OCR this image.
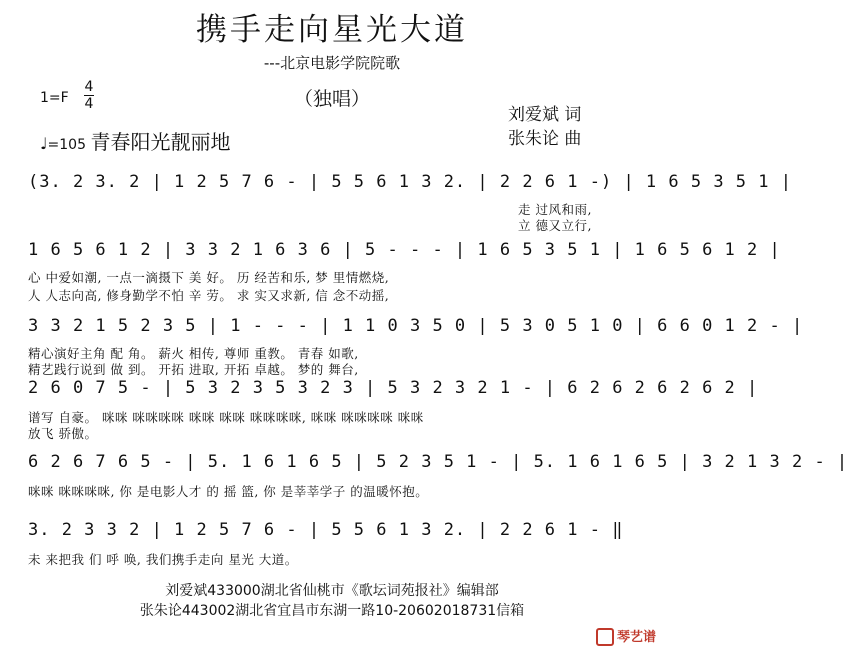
携手走向星光大道
---北京电影学院院歌
（独唱）
1=F
4
4
刘爱斌 词
张朱论 曲
♩=105 青春阳光靓丽地
(3. 2 3. 2 | 1 2 5 7 6 - | 5 5 6 1 3 2. | 2 2 6 1 -) | 1 6 5 3 5 1 |
走 过风和雨,
立 德又立行,
1 6 5 6 1 2 | 3 3 2 1 6 3 6 | 5 - - - | 1 6 5 3 5 1 | 1 6 5 6 1 2 |
心 中爱如潮, 一点一滴摄下 美 好。 历 经苦和乐, 梦 里情燃烧,
人 人志向高, 修身勤学不怕 辛 劳。 求 实又求新, 信 念不动摇,
3 3 2 1 5 2 3 5 | 1 - - - | 1 1 0 3 5 0 | 5 3 0 5 1 0 | 6 6 0 1 2 - |
精心演好主角 配 角。 薪火 相传, 尊师 重教。 青春 如歌,
精艺践行说到 做 到。 开拓 进取, 开拓 卓越。 梦的 舞台,
2 6 0 7 5 - | 5 3 2 3 5 3 2 3 | 5 3 2 3 2 1 - | 6 2 6 2 6 2 6 2 |
谱写 自豪。 咪咪 咪咪咪咪 咪咪 咪咪 咪咪咪咪, 咪咪 咪咪咪咪 咪咪
放飞 骄傲。
6 2 6 7 6 5 - | 5. 1 6 1 6 5 | 5 2 3 5 1 - | 5. 1 6 1 6 5 | 3 2 1 3 2 - |
咪咪 咪咪咪咪, 你 是电影人才 的 摇 篮, 你 是莘莘学子 的温暖怀抱。
3. 2 3 3 2 | 1 2 5 7 6 - | 5 5 6 1 3 2. | 2 2 6 1 - ‖
未 来把我 们 呼 唤, 我们携手走向 星光 大道。
刘爱斌433000湖北省仙桃市《歌坛词苑报社》编辑部
张朱论443002湖北省宜昌市东湖一路10-20602018731信箱
琴艺谱
